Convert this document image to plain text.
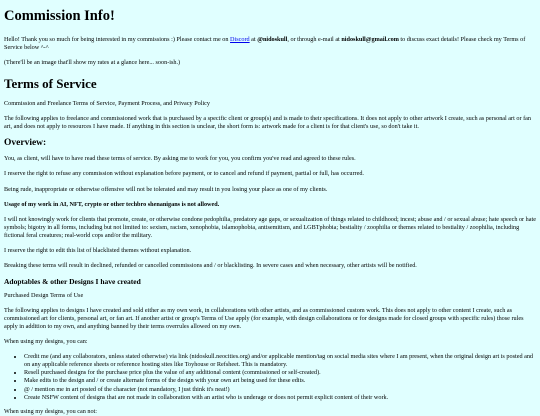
Commission Info!

Hello! Thank you so much for being interested in my commissions :) Please contact me on Discord at @nidoskull, or through e-mail at nidoskull@gmail.com to discuss exact details! Please check my Terms of Service below ^-^

(There'll be an image that'll show my rates at a glance here... soon-ish.)

Terms of Service

Commission and Freelance Terms of Service, Payment Process, and Privacy Policy

The following applies to freelance and commissioned work that is purchased by a specific client or group(s) and is made to their specifications. It does not apply to other artwork I create, such as personal art or fan art, and does not apply to resources I have made. If anything in this section is unclear, the short form is: artwork made for a client is for that client's use, so don't take it.

Overview:

You, as client, will have to have read these terms of service. By asking me to work for you, you confirm you've read and agreed to these rules.

I reserve the right to refuse any commission without explanation before payment, or to cancel and refund if payment, partial or full, has occurred.

Being rude, inappropriate or otherwise offensive will not be tolerated and may result in you losing your place as one of my clients.

Usage of my work in AI, NFT, crypto or other techbro shenanigans is not allowed.

I will not knowingly work for clients that promote, create, or otherwise condone pedophilia, predatory age gaps, or sexualization of things related to childhood; incest; abuse and / or sexual abuse; hate speech or hate symbols; bigotry in all forms, including but not limited to: sexism, racism, xenophobia, islamophobia, antisemitism, and LGBTphobia; bestiality / zoophilia or themes related to bestiality / zoophilia, including fictional feral creatures; real-world cops and/or the military.

I reserve the right to edit this list of blacklisted themes without explanation.

Breaking these terms will result in declined, refunded or cancelled commissions and / or blacklisting. In severe cases and when necessary, other artists will be notified.

Adoptables & other Designs I have created

Purchased Design Terms of Use

The following applies to designs I have created and sold either as my own work, in collaborations with other artists, and as commissioned custom work. This does not apply to other content I create, such as commissioned art for clients, personal art, or fan art. If another artist or group's Terms of Use apply (for example, with design collaborations or for designs made for closed groups with specific rules) those rules apply in addition to my own, and anything banned by their terms overrules allowed on my own.

When using my designs, you can:

• Credit me (and any collaborators, unless stated otherwise) via link (nidoskull.neocities.org) and/or applicable mention/tag on social media sites where I am present, when the original design art is posted and on any applicable reference sheets or reference hosting sites like Toyhouse or Refsheet. This is mandatory.
• Resell purchased designs for the purchase price plus the value of any additional content (commissioned or self-created).
• Make edits to the design and / or create alternate forms of the design with your own art being used for these edits.
• @ / mention me in art posted of the character (not mandatory, I just think it's neat!)
• Create NSFW content of designs that are not made in collaboration with an artist who is underage or does not permit explicit content of their work.

When using my designs, you can not:
